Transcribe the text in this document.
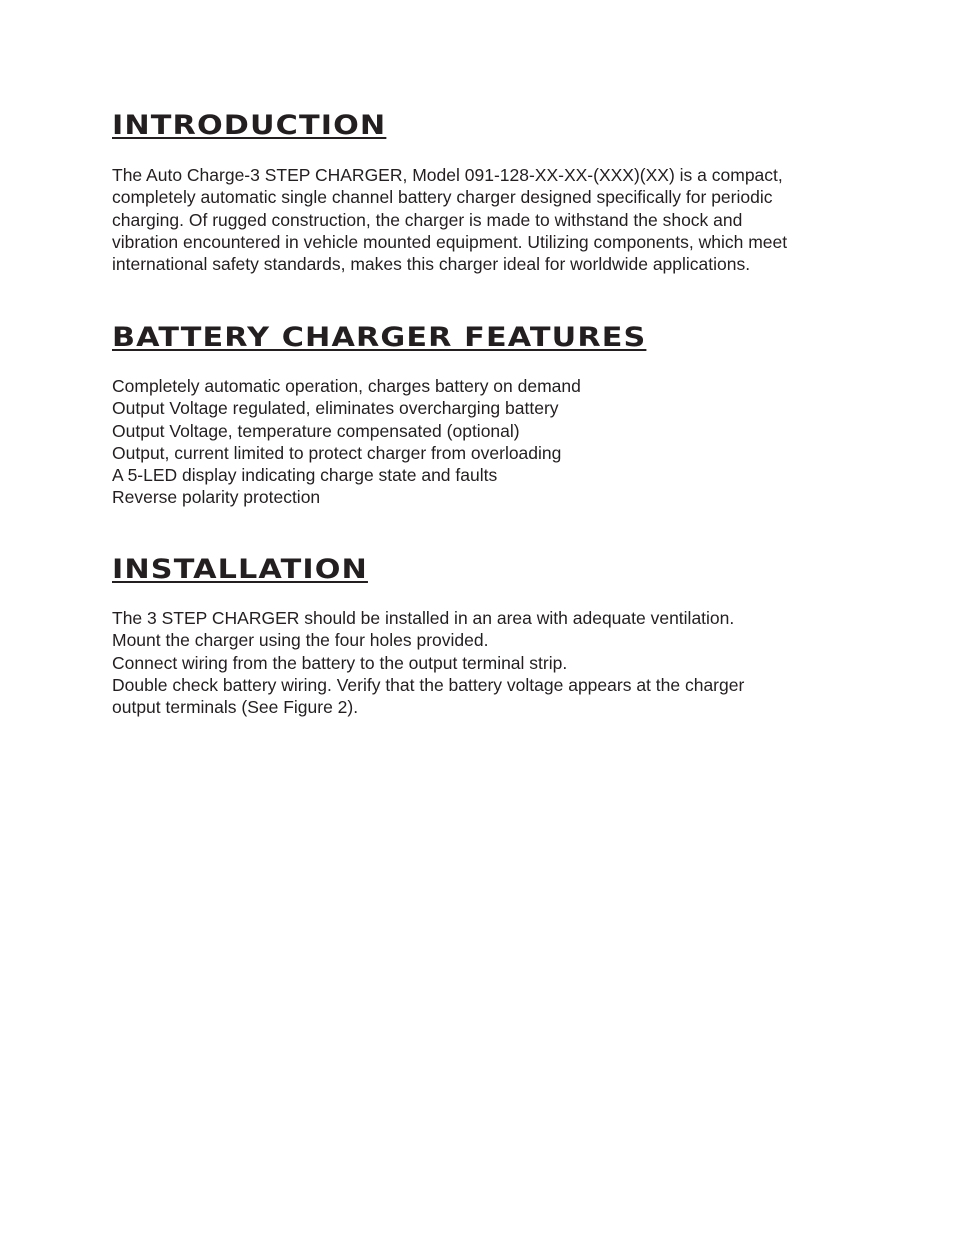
INTRODUCTION

The Auto Charge-3 STEP CHARGER, Model 091-128-XX-XX-(XXX)(XX) is a compact,
completely automatic single channel battery charger designed specifically for periodic
charging. Of rugged construction, the charger is made to withstand the shock and
vibration encountered in vehicle mounted equipment. Utilizing components, which meet
international safety standards, makes this charger ideal for worldwide applications.

BATTERY CHARGER FEATURES

Completely automatic operation, charges battery on demand
Output Voltage regulated, eliminates overcharging battery
Output Voltage, temperature compensated (optional)
Output, current limited to protect charger from overloading
A 5-LED display indicating charge state and faults
Reverse polarity protection

INSTALLATION

The 3 STEP CHARGER should be installed in an area with adequate ventilation.
Mount the charger using the four holes provided.
Connect wiring from the battery to the output terminal strip.
Double check battery wiring. Verify that the battery voltage appears at the charger
output terminals (See Figure 2).
